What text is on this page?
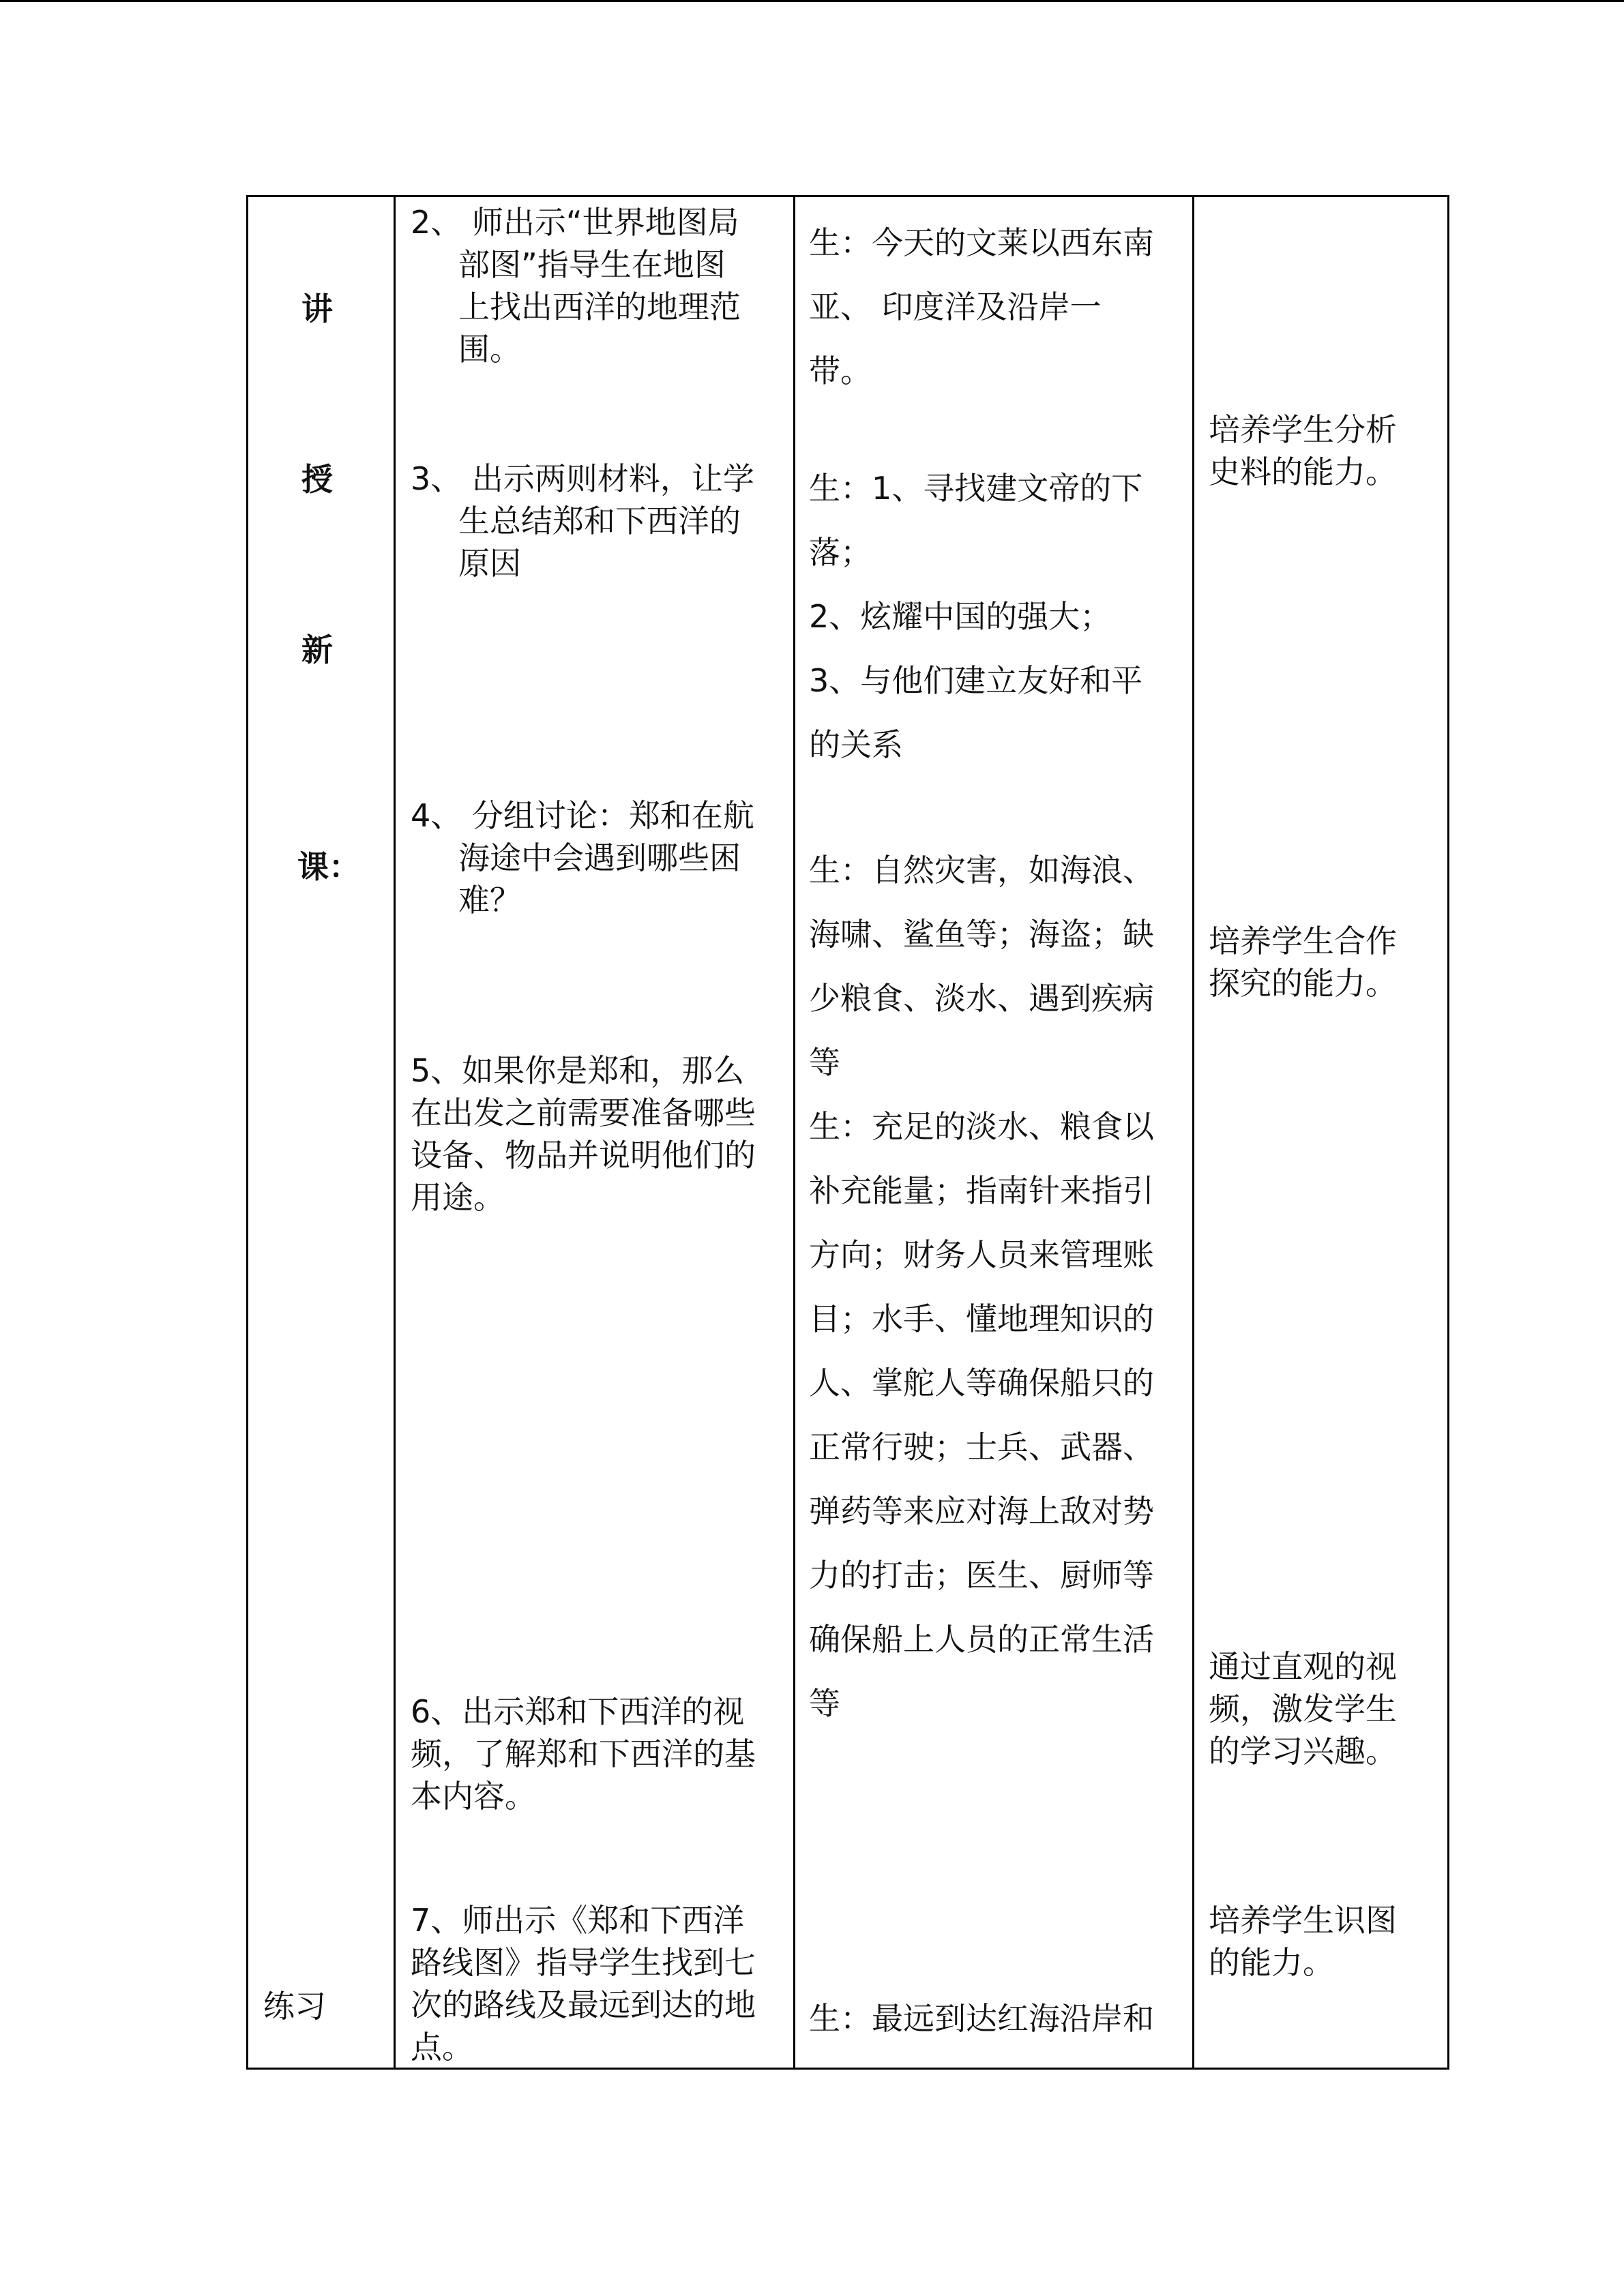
讲
授
新
课：
练习
2、 师出示“世界地图局
部图”指导生在地图
上找出西洋的地理范
围。
3、 出示两则材料，让学
生总结郑和下西洋的
原因
4、 分组讨论：郑和在航
海途中会遇到哪些困
难？
5、如果你是郑和，那么
在出发之前需要准备哪些
设备、物品并说明他们的
用途。
6、出示郑和下西洋的视
频，了解郑和下西洋的基
本内容。
7、师出示《郑和下西洋
路线图》指导学生找到七
次的路线及最远到达的地
点。
生：今天的文莱以西东南
亚、 印度洋及沿岸一
带。
生：1、寻找建文帝的下
落；
2、炫耀中国的强大；
3、与他们建立友好和平
的关系
生：自然灾害，如海浪、
海啸、鲨鱼等；海盗；缺
少粮食、淡水、遇到疾病
等
生：充足的淡水、粮食以
补充能量；指南针来指引
方向；财务人员来管理账
目；水手、懂地理知识的
人、掌舵人等确保船只的
正常行驶；士兵、武器、
弹药等来应对海上敌对势
力的打击；医生、厨师等
确保船上人员的正常生活
等
生：最远到达红海沿岸和
培养学生分析
史料的能力。
培养学生合作
探究的能力。
通过直观的视
频，激发学生
的学习兴趣。
培养学生识图
的能力。
